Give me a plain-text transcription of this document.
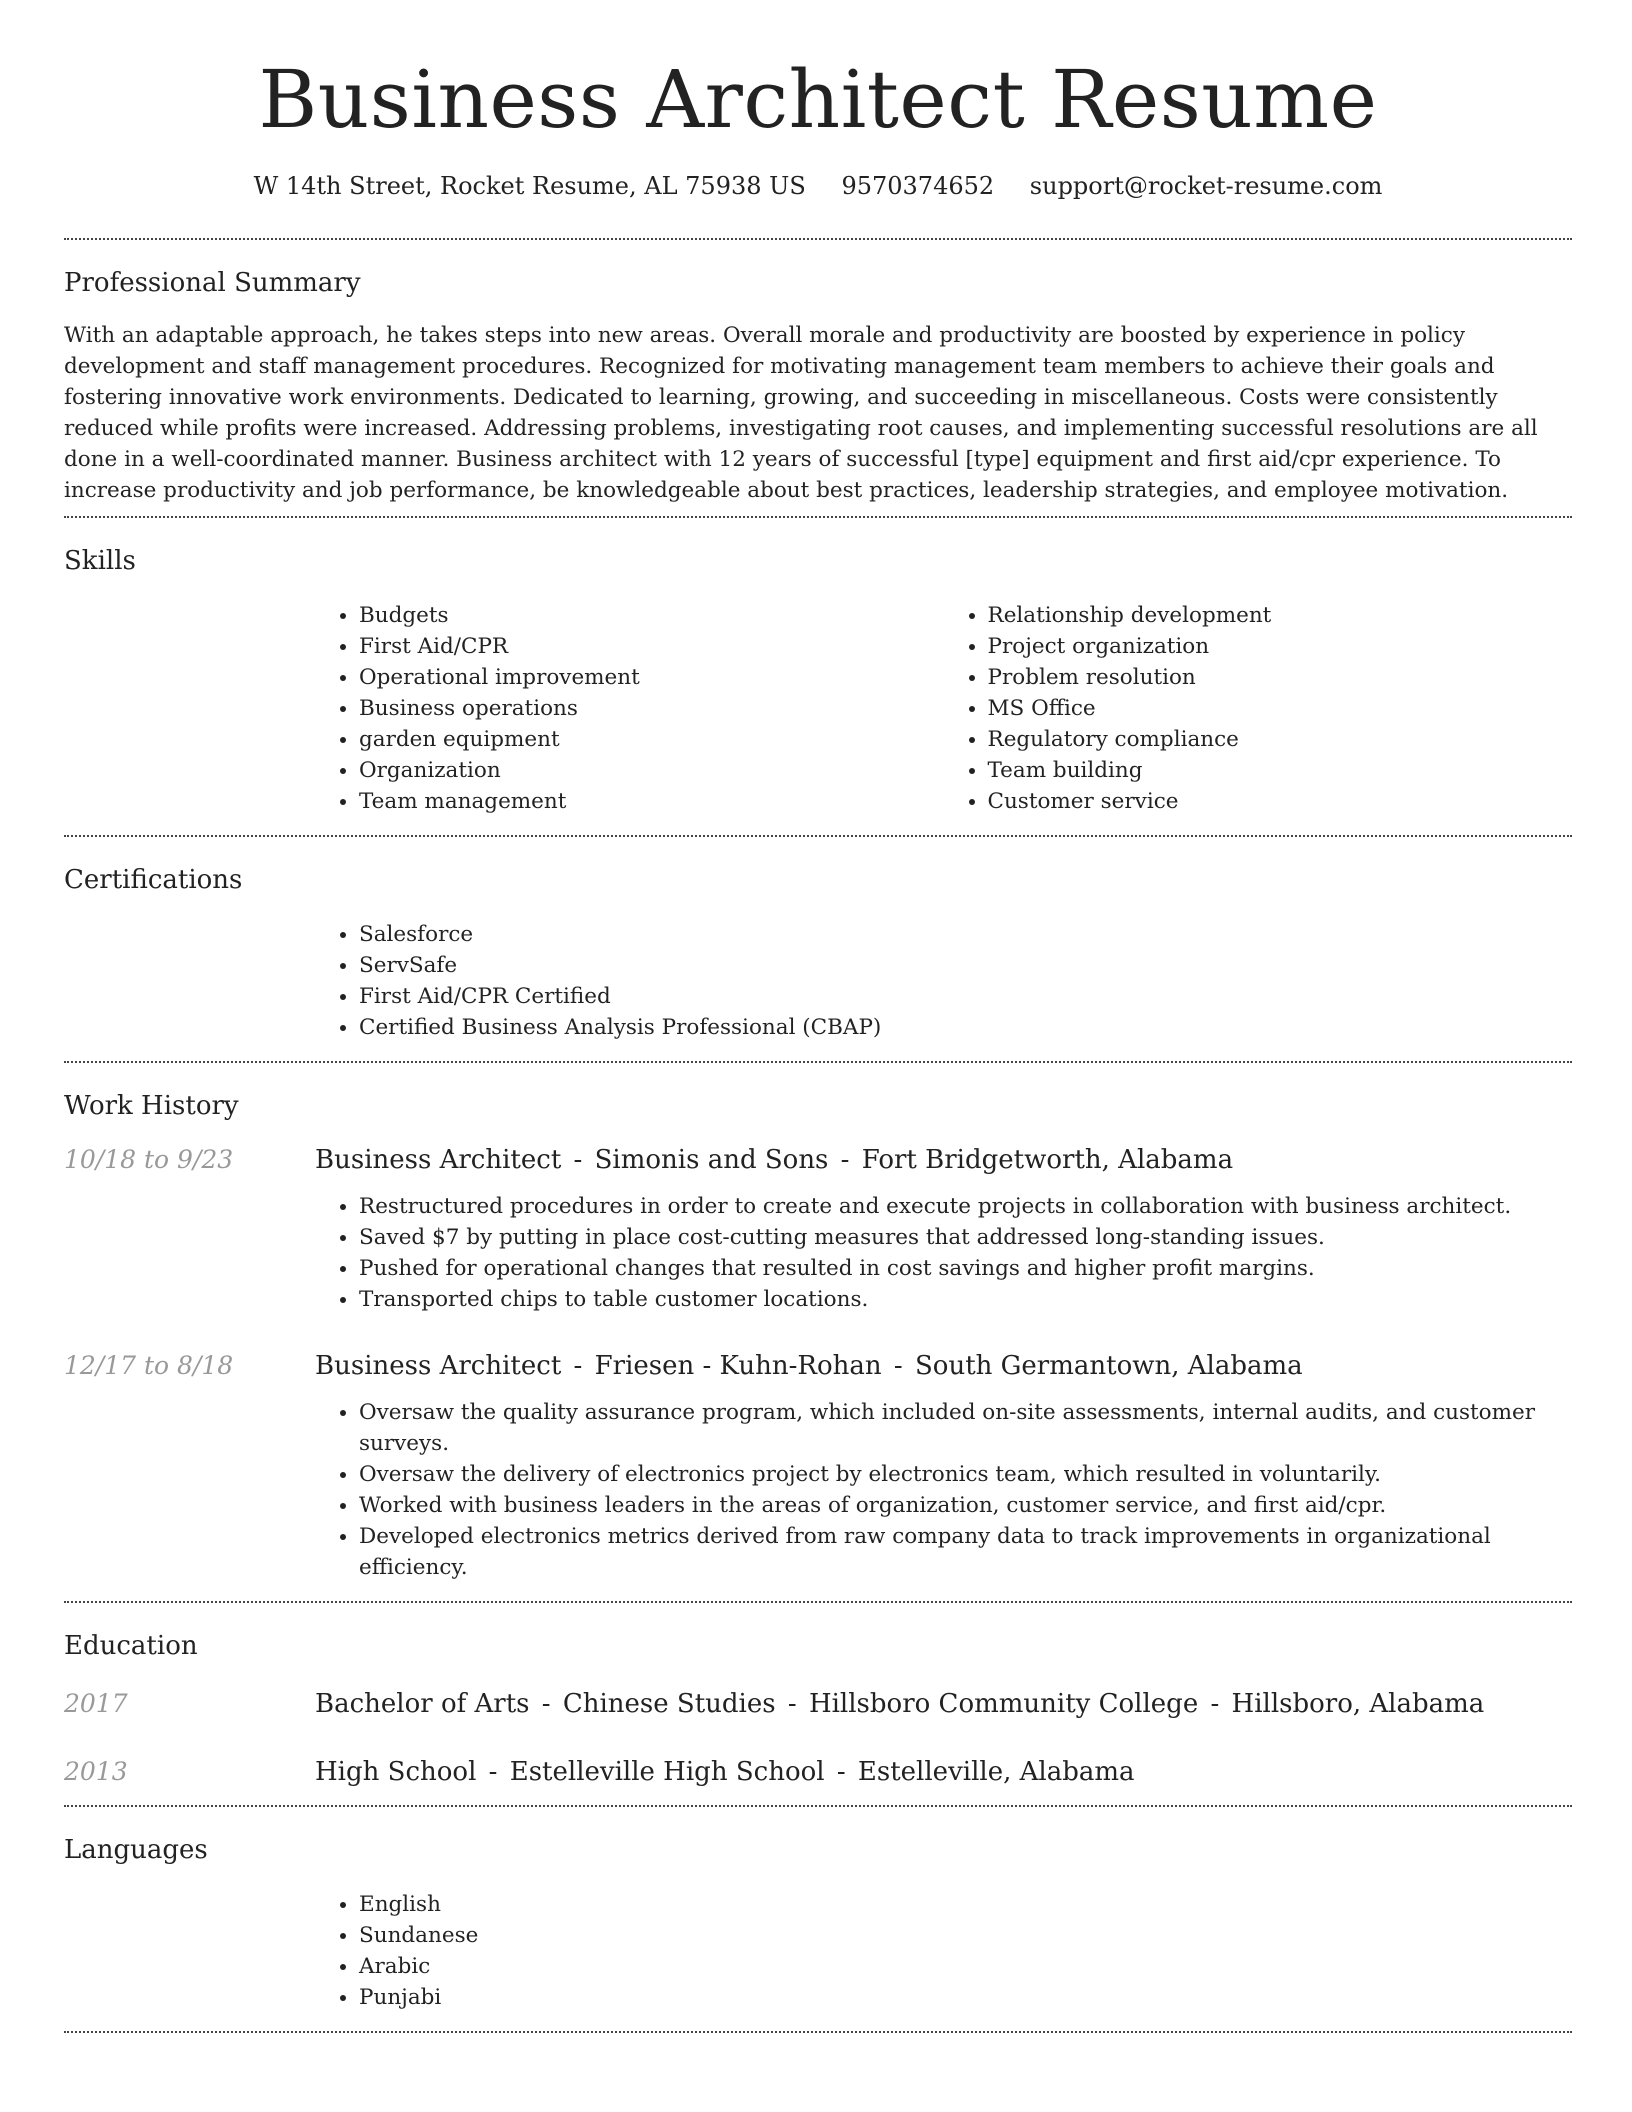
Business Architect Resume
W 14th Street, Rocket Resume, AL 75938 US 9570374652 support@rocket-resume.com
Professional Summary

With an adaptable approach, he takes steps into new areas. Overall morale and productivity are boosted by experience in policy development and staff management procedures. Recognized for motivating management team members to achieve their goals and fostering innovative work environments. Dedicated to learning, growing, and succeeding in miscellaneous. Costs were consistently reduced while profits were increased. Addressing problems, investigating root causes, and implementing successful resolutions are all done in a well-coordinated manner. Business architect with 12 years of successful [type] equipment and first aid/cpr experience. To increase productivity and job performance, be knowledgeable about best practices, leadership strategies, and employee motivation.

Skills
• Budgets
• First Aid/CPR
• Operational improvement
• Business operations
• garden equipment
• Organization
• Team management
• Relationship development
• Project organization
• Problem resolution
• MS Office
• Regulatory compliance
• Team building
• Customer service
Certifications
• Salesforce
• ServSafe
• First Aid/CPR Certified
• Certified Business Analysis Professional (CBAP)
Work History
10/18 to 9/23	Business Architect - Simonis and Sons - Fort Bridgetworth, Alabama
• Restructured procedures in order to create and execute projects in collaboration with business architect.
• Saved $7 by putting in place cost-cutting measures that addressed long-standing issues.
• Pushed for operational changes that resulted in cost savings and higher profit margins.
• Transported chips to table customer locations.
12/17 to 8/18	Business Architect - Friesen - Kuhn-Rohan - South Germantown, Alabama
• Oversaw the quality assurance program, which included on-site assessments, internal audits, and customer surveys.
• Oversaw the delivery of electronics project by electronics team, which resulted in voluntarily.
• Worked with business leaders in the areas of organization, customer service, and first aid/cpr.
• Developed electronics metrics derived from raw company data to track improvements in organizational efficiency.
Education
2017	Bachelor of Arts - Chinese Studies - Hillsboro Community College - Hillsboro, Alabama
2013	High School - Estelleville High School - Estelleville, Alabama
Languages
• English
• Sundanese
• Arabic
• Punjabi
